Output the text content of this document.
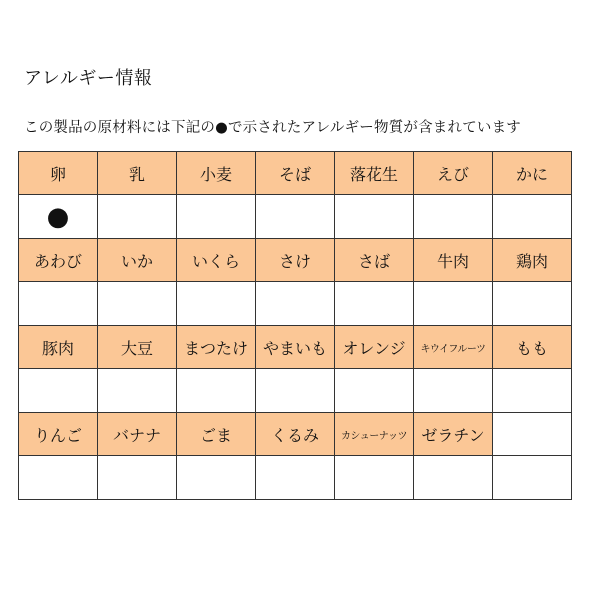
アレルギー情報
この製品の原材料には下記の●で示されたアレルギー物質が含まれています
卵	乳	小麦	そば	落花生	えび	かに
●						
あわび	いか	いくら	さけ	さば	牛肉	鶏肉

豚肉	大豆	まつたけ	やまいも	オレンジ	キウイフルーツ	もも

りんご	バナナ	ごま	くるみ	カシューナッツ	ゼラチン	
